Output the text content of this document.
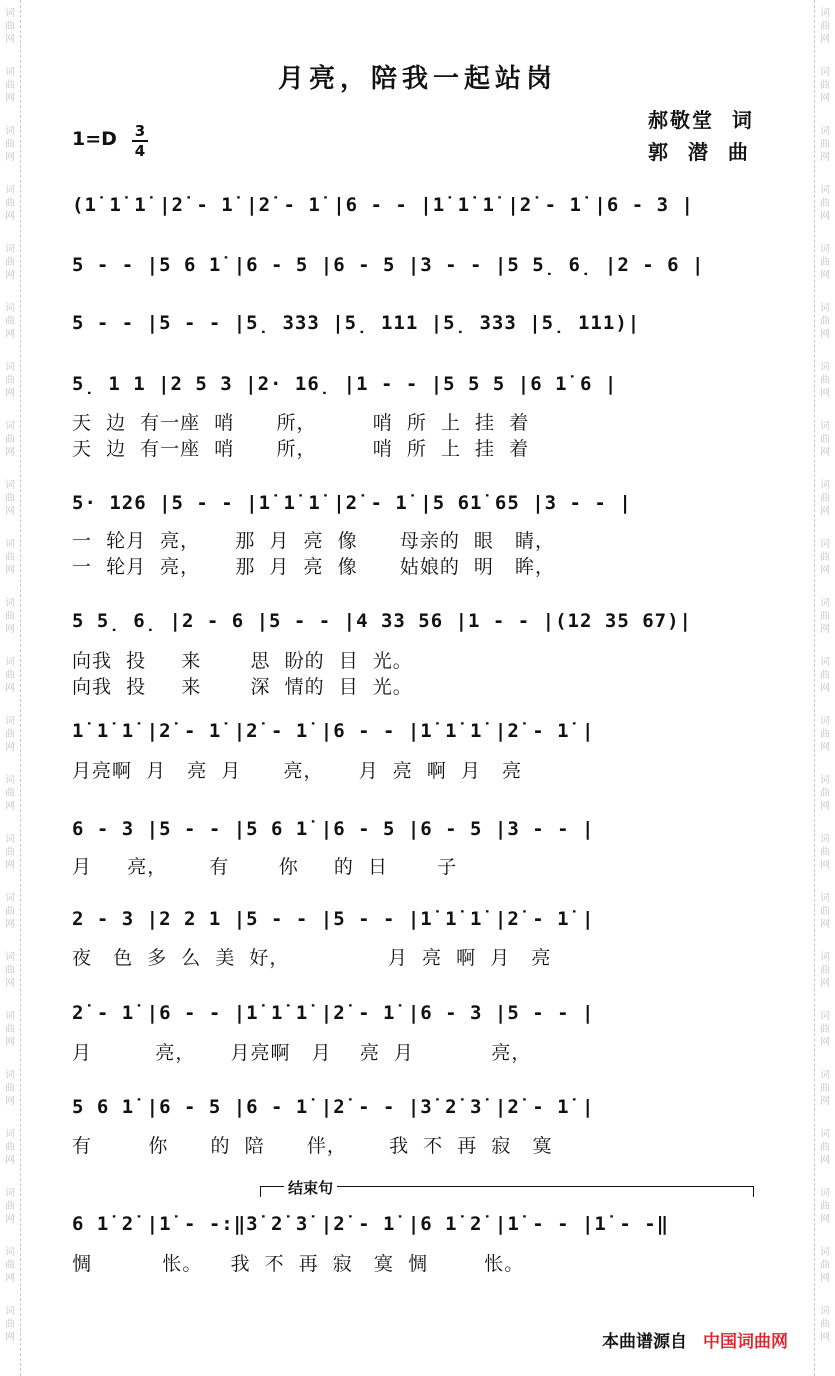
词
曲
网
词
曲
网
词
曲
网
词
曲
网
词
曲
网
词
曲
网
词
曲
网
词
曲
网
词
曲
网
词
曲
网
词
曲
网
词
曲
网
词
曲
网
词
曲
网
词
曲
网
词
曲
网
词
曲
网
词
曲
网
词
曲
网
词
曲
网
词
曲
网
词
曲
网
词
曲
网
词
曲
网
词
曲
网
词
曲
网
词
曲
网
词
曲
网
词
曲
网
词
曲
网
词
曲
网
词
曲
网
词
曲
网
词
曲
网
词
曲
网
词
曲
网
词
曲
网
词
曲
网
词
曲
网
词
曲
网
词
曲
网
词
曲
网
词
曲
网
词
曲
网
词
曲
网
词
曲
网
月亮，陪我一起站岗
郝敬堂  词
郭  潜  曲
1=D 3
4
(1̇ 1̇ 1̇ |2̇ - 1̇ |2̇ - 1̇ |6 - - |1̇ 1̇ 1̇ |2̇ - 1̇ |6 - 3 |
5 - - |5 6 1̇ |6 - 5 |6 - 5 |3 - - |5 5̣ 6̣ |2 - 6 |
5 - - |5 - - |5̣ 333 |5̣ 111 |5̣ 333 |5̣ 111)|
5̣ 1 1 |2 5 3 |2· 16̣ |1 - - |5 5 5 |6 1̇ 6 |
天  边  有一座  哨      所，        哨  所  上  挂  着
天  边  有一座  哨      所，        哨  所  上  挂  着
5· 126 |5 - - |1̇ 1̇ 1̇ |2̇ - 1̇ |5 61̇ 65 |3 - - |
一  轮月  亮，     那  月  亮  像      母亲的  眼   睛，
一  轮月  亮，     那  月  亮  像      姑娘的  明   眸，
5 5̣ 6̣ |2 - 6 |5 - - |4 33 56 |1 - - |(12 35 67)|
向我  投     来       思  盼的  目  光。
向我  投     来       深  情的  目  光。
1̇ 1̇ 1̇ |2̇ - 1̇ |2̇ - 1̇ |6 - - |1̇ 1̇ 1̇ |2̇ - 1̇ |
月亮啊  月   亮  月      亮，     月  亮  啊  月   亮
6 - 3 |5 - - |5 6 1̇ |6 - 5 |6 - 5 |3 - - |
月     亮，      有       你     的  日       子
2 - 3 |2 2 1 |5 - - |5 - - |1̇ 1̇ 1̇ |2̇ - 1̇ |
夜   色  多  么  美  好，              月  亮  啊  月   亮
2̇ - 1̇ |6 - - |1̇ 1̇ 1̇ |2̇ - 1̇ |6 - 3 |5 - - |
月         亮，     月亮啊   月    亮  月           亮，
5 6 1̇ |6 - 5 |6 - 1̇ |2̇ - - |3̇ 2̇ 3̇ |2̇ - 1̇ |
有        你      的  陪      伴，      我  不  再  寂   寞
结束句
6 1̇ 2̇ |1̇ - -:‖3̇ 2̇ 3̇ |2̇ - 1̇ |6 1̇ 2̇ |1̇ - - |1̇ - -‖
惆          怅。    我  不  再  寂   寞  惆        怅。
本曲谱源自 中国词曲网
